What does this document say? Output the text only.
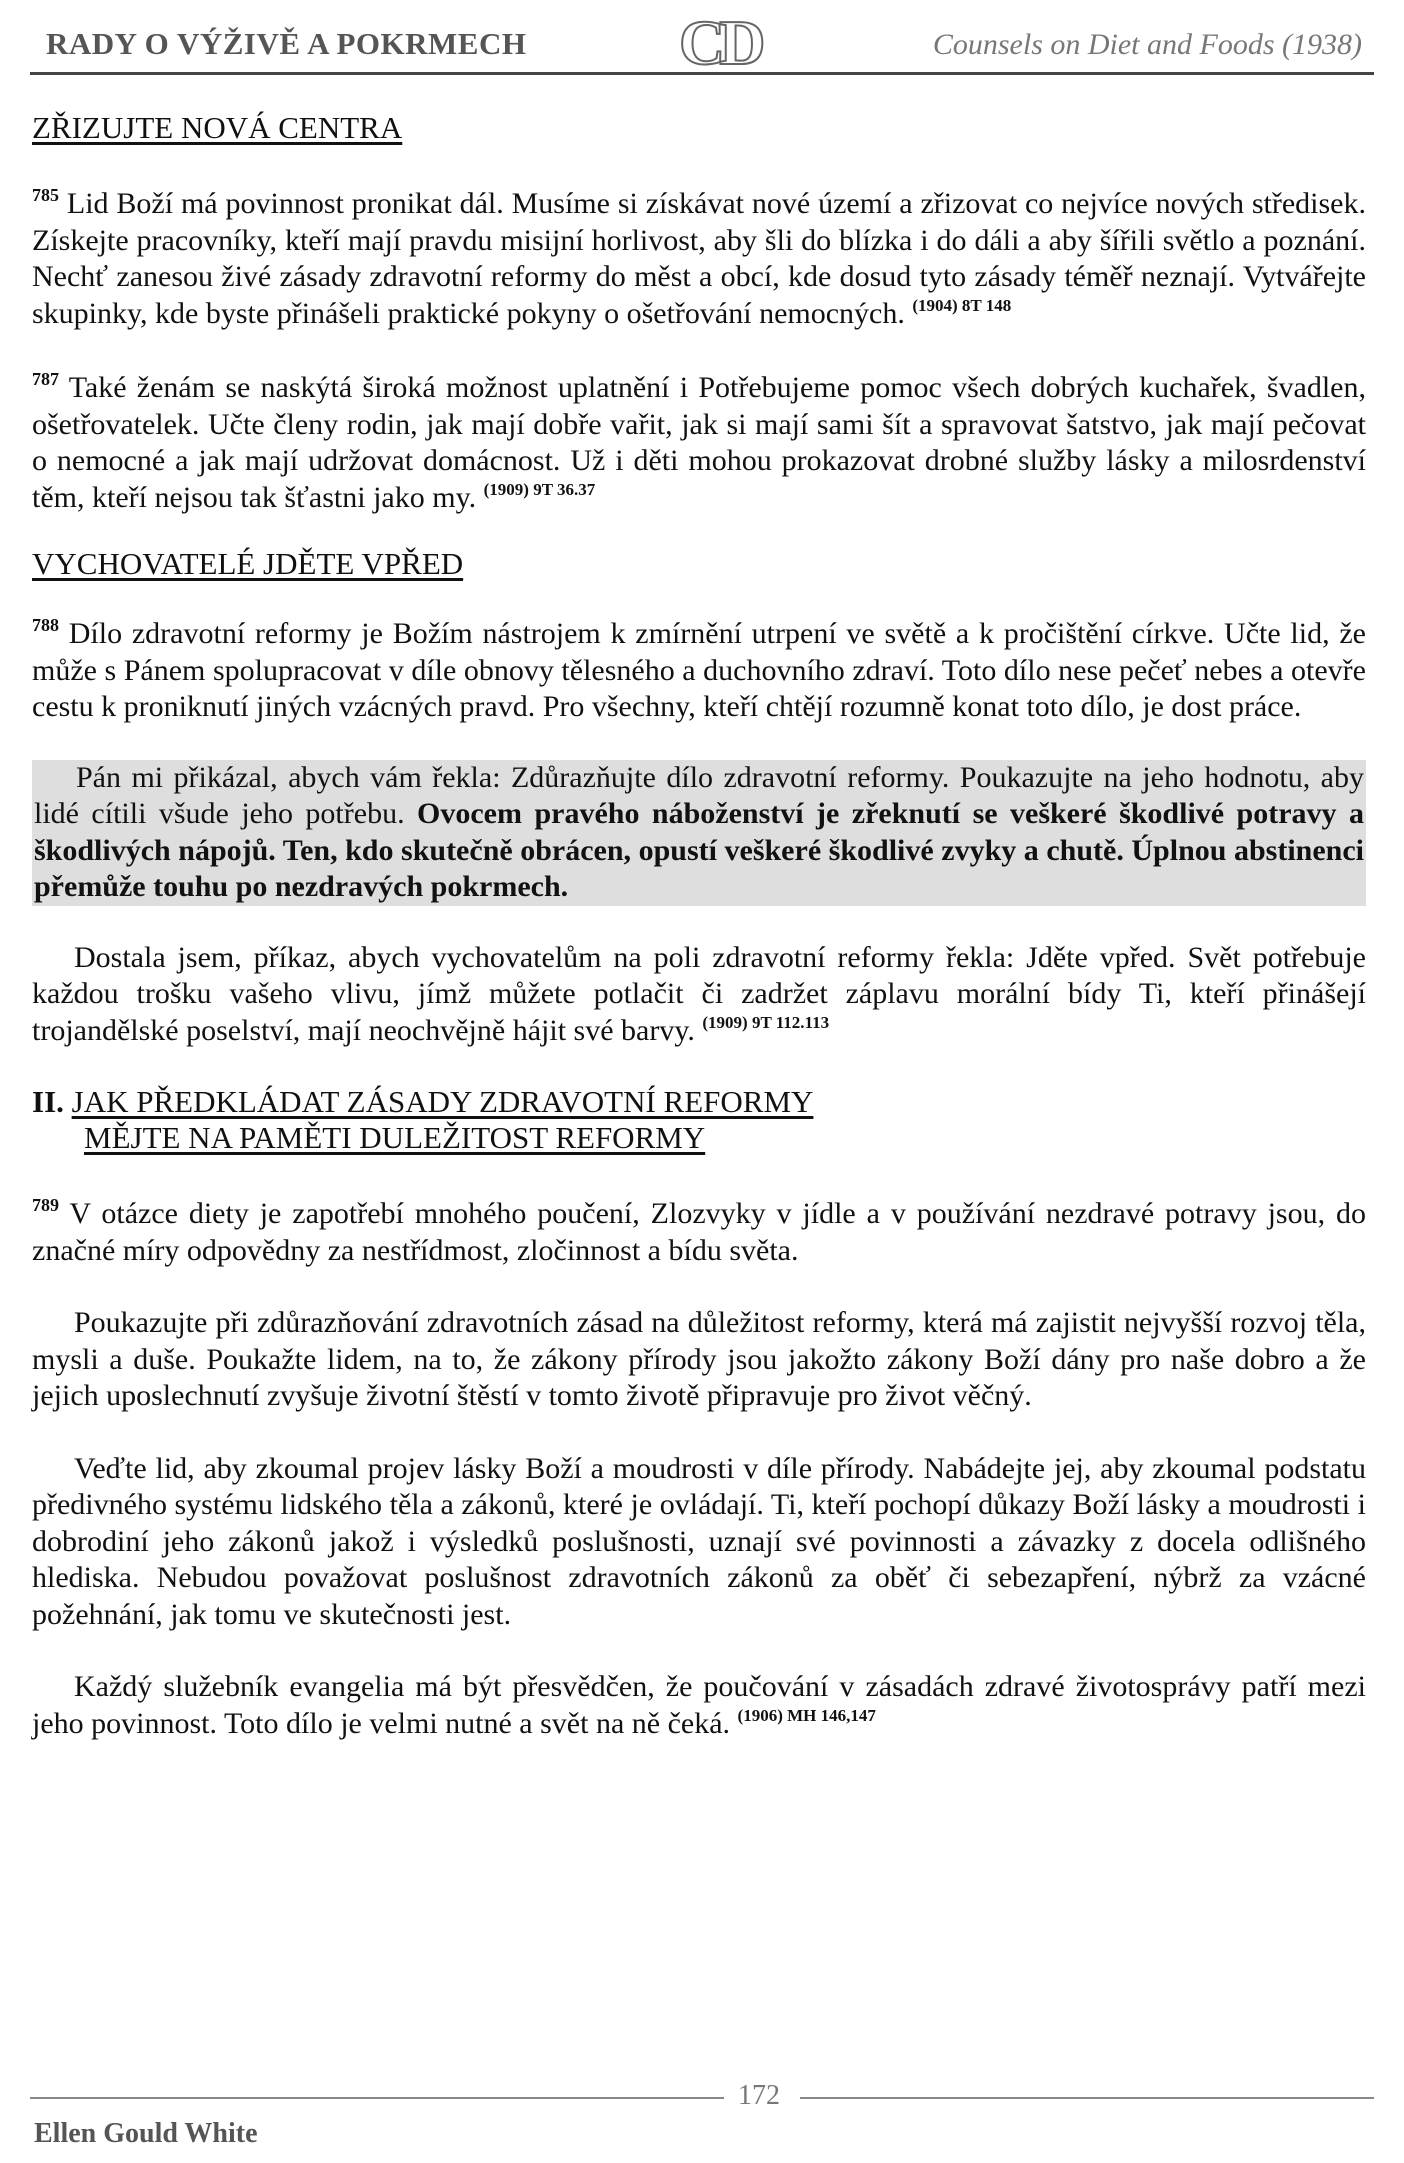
RADY O VÝŽIVĚ A POKRMECH CD	Counsels on Diet and Foods (1938)
ZŘIZUJTE NOVÁ CENTRA

$^{785}$ Lid Boží má povinnost pronikat dál. Musíme si získávat nové území a zřizovat co nejvíce nových středisek. Získejte pracovníky, kteří mají pravdu misijní horlivost, aby šli do blízka i do dáli a aby šířili světlo a poznání. Nechť zanesou živé zásady zdravotní reformy do měst a obcí, kde dosud tyto zásady téměř neznají. Vytvářejte skupinky, kde byste přinášeli praktické pokyny o ošetřování nemocných. $^{(1904) 8T 148}$

$^{787}$ Také ženám se naskýtá široká možnost uplatnění i Potřebujeme pomoc všech dobrých kuchařek, švadlen, ošetřovatelek. Učte členy rodin, jak mají dobře vařit, jak si mají sami šít a spravovat šatstvo, jak mají pečovat o nemocné a jak mají udržovat domácnost. Už i děti mohou prokazovat drobné služby lásky a milosrdenství těm, kteří nejsou tak šťastni jako my. $^{(1909) 9T 36.37}$

VYCHOVATELÉ JDĚTE VPŘED

$^{788}$ Dílo zdravotní reformy je Božím nástrojem k zmírnění utrpení ve světě a k pročištění církve. Učte lid, že může s Pánem spolupracovat v díle obnovy tělesného a duchovního zdraví. Toto dílo nese pečeť nebes a otevře cestu k proniknutí jiných vzácných pravd. Pro všechny, kteří chtějí rozumně konat toto dílo, je dost práce.

Pán mi přikázal, abych vám řekla: Zdůrazňujte dílo zdravotní reformy. Poukazujte na jeho hodnotu, aby lidé cítili všude jeho potřebu. Ovocem pravého náboženství je zřeknutí se veškeré škodlivé potravy a škodlivých nápojů. Ten, kdo skutečně obrácen, opustí veškeré škodlivé zvyky a chutě. Úplnou abstinenci přemůže touhu po nezdravých pokrmech.

Dostala jsem, příkaz, abych vychovatelům na poli zdravotní reformy řekla: Jděte vpřed. Svět potřebuje každou trošku vašeho vlivu, jímž můžete potlačit či zadržet záplavu morální bídy Ti, kteří přinášejí trojandělské poselství, mají neochvějně hájit své barvy. $^{(1909) 9T 112.113}$

II. JAK PŘEDKLÁDAT ZÁSADY ZDRAVOTNÍ REFORMY
MĚJTE NA PAMĚTI DULEŽITOST REFORMY

$^{789}$ V otázce diety je zapotřebí mnohého poučení, Zlozvyky v jídle a v používání nezdravé potravy jsou, do značné míry odpovědny za nestřídmost, zločinnost a bídu světa.

Poukazujte při zdůrazňování zdravotních zásad na důležitost reformy, která má zajistit nejvyšší rozvoj těla, mysli a duše. Poukažte lidem, na to, že zákony přírody jsou jakožto zákony Boží dány pro naše dobro a že jejich uposlechnutí zvyšuje životní štěstí v tomto životě připravuje pro život věčný.

Veďte lid, aby zkoumal projev lásky Boží a moudrosti v díle přírody. Nabádejte jej, aby zkoumal podstatu předivného systému lidského těla a zákonů, které je ovládají. Ti, kteří pochopí důkazy Boží lásky a moudrosti i dobrodiní jeho zákonů jakož i výsledků poslušnosti, uznají své povinnosti a závazky z docela odlišného hlediska. Nebudou považovat poslušnost zdravotních zákonů za oběť či sebezapření, nýbrž za vzácné požehnání, jak tomu ve skutečnosti jest.

Každý služebník evangelia má být přesvědčen, že poučování v zásadách zdravé životosprávy patří mezi jeho povinnost. Toto dílo je velmi nutné a svět na ně čeká. $^{(1906) MH 146,147}$

172
Ellen Gould White
